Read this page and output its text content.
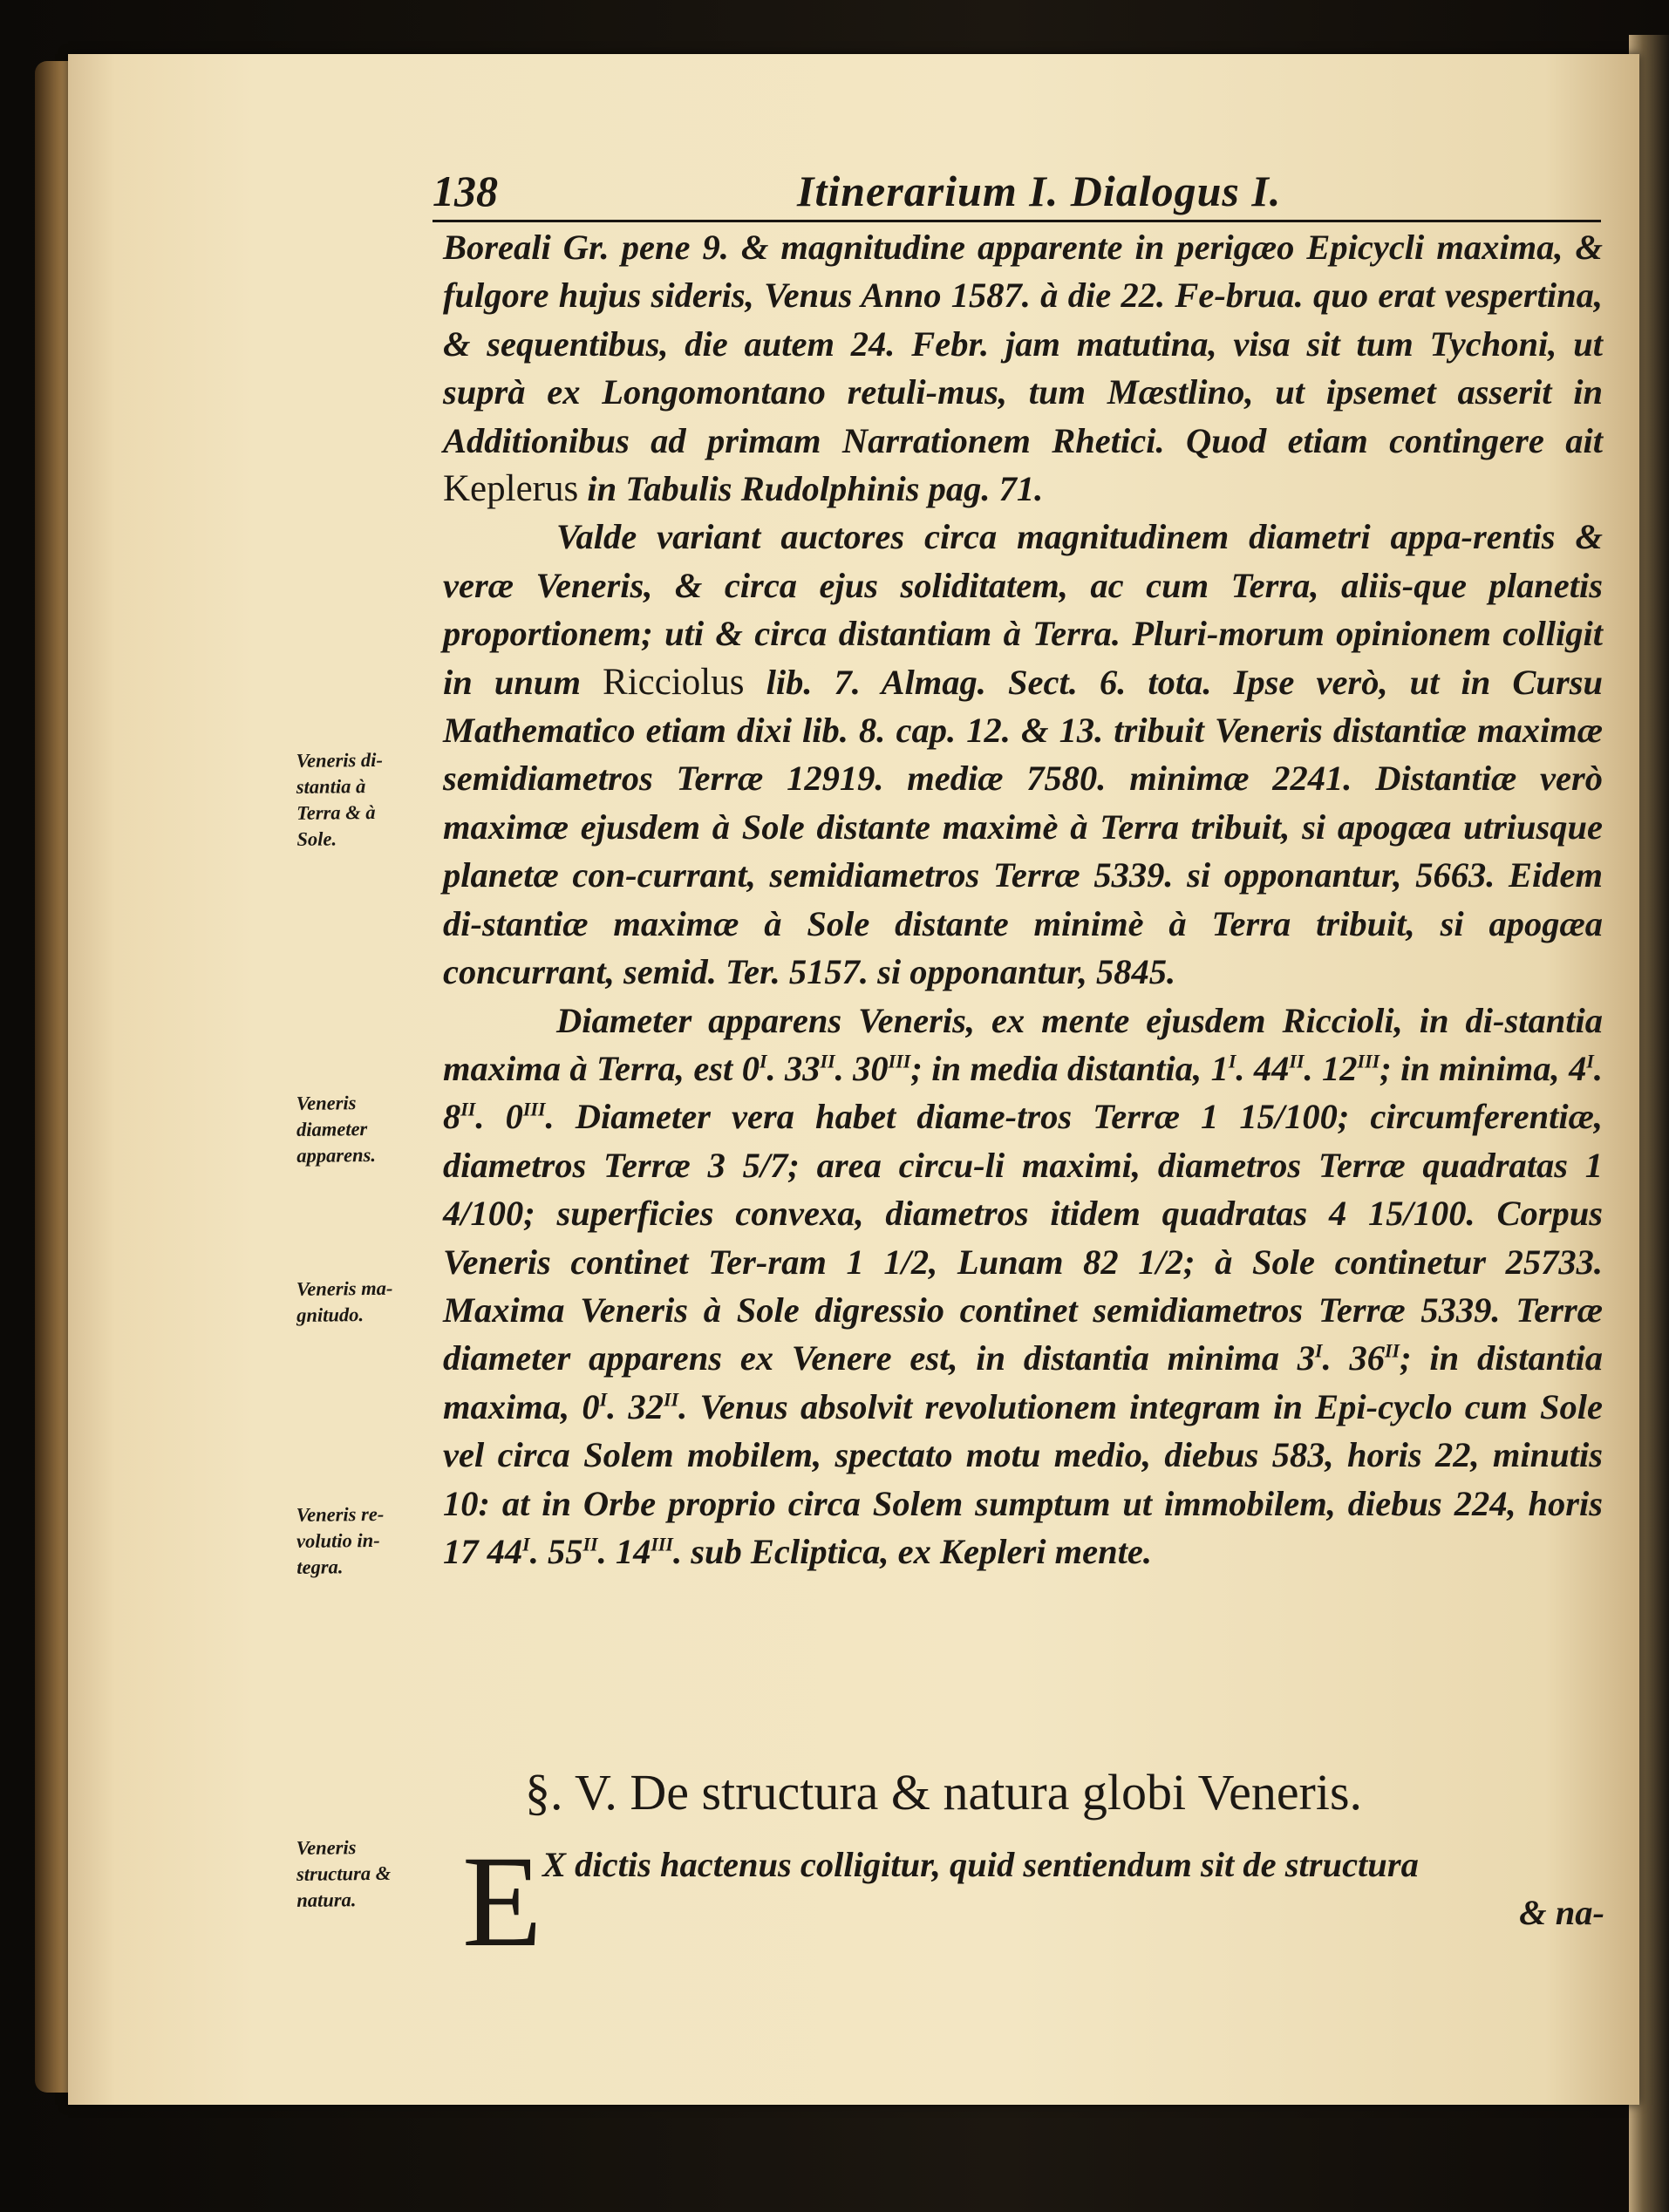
138	Itinerarium I. Dialogus I.

Boreali Gr. pene 9. & magnitudine apparente in perigæo Epicycli maxima, & fulgore hujus sideris, Venus Anno 1587. à die 22. Fe-brua. quo erat vespertina, & sequentibus, die autem 24. Febr. jam matutina, visa sit tum Tychoni, ut suprà ex Longomontano retuli-mus, tum Mæstlino, ut ipsemet asserit in Additionibus ad primam Narrationem Rhetici. Quod etiam contingere ait Keplerus in Tabulis Rudolphinis pag. 71.

Valde variant auctores circa magnitudinem diametri appa-rentis & veræ Veneris, & circa ejus soliditatem, ac cum Terra, aliis-que planetis proportionem; uti & circa distantiam à Terra. Pluri-morum opinionem colligit in unum Ricciolus lib. 7. Almag. Sect. 6. tota. Ipse verò, ut in Cursu Mathematico etiam dixi lib. 8. cap. 12. & 13. tribuit Veneris distantiæ maximæ semidiametros Terræ 12919. mediæ 7580. minimæ 2241. Distantiæ verò maximæ ejusdem à Sole distante maximè à Terra tribuit, si apogæa utriusque planetæ con-currant, semidiametros Terræ 5339. si opponantur, 5663. Eidem di-stantiæ maximæ à Sole distante minimè à Terra tribuit, si apogæa concurrant, semid. Ter. 5157. si opponantur, 5845.

Diameter apparens Veneris, ex mente ejusdem Riccioli, in di-stantia maxima à Terra, est $0^I$. $33^{II}$. $30^{III}$; in media distantia, $1^I$. $44^{II}$. $12^{III}$; in minima, $4^I$. $8^{II}$. $0^{III}$. Diameter vera habet diame-tros Terræ 1 15/100; circumferentiæ, diametros Terræ 3 5/7; area circu-li maximi, diametros Terræ quadratas 1 4/100; superficies convexa, diametros itidem quadratas 4 15/100. Corpus Veneris continet Ter-ram 1 1/2, Lunam 82 1/2; à Sole continetur 25733. Maxima Veneris à Sole digressio continet semidiametros Terræ 5339. Terræ diameter apparens ex Venere est, in distantia minima $3^I$. $36^{II}$; in distantia maxima, $0^I$. $32^{II}$. Venus absolvit revolutionem integram in Epi-cyclo cum Sole vel circa Solem mobilem, spectato motu medio, diebus 583, horis 22, minutis 10: at in Orbe proprio circa Solem sumptum ut immobilem, diebus 224, horis 17 $44^I$. $55^{II}$. $14^{III}$. sub Ecliptica, ex Kepleri mente.

Veneris di-
stantia à
Terra & à
Sole.
Veneris
diameter
apparens.
Veneris ma-
gnitudo.
Veneris re-
volutio in-
tegra.
Veneris
structura &
natura.
§. V. De structura & natura globi Veneris.
E X dictis hactenus colligitur, quid sentiendum sit de structura
& na-
